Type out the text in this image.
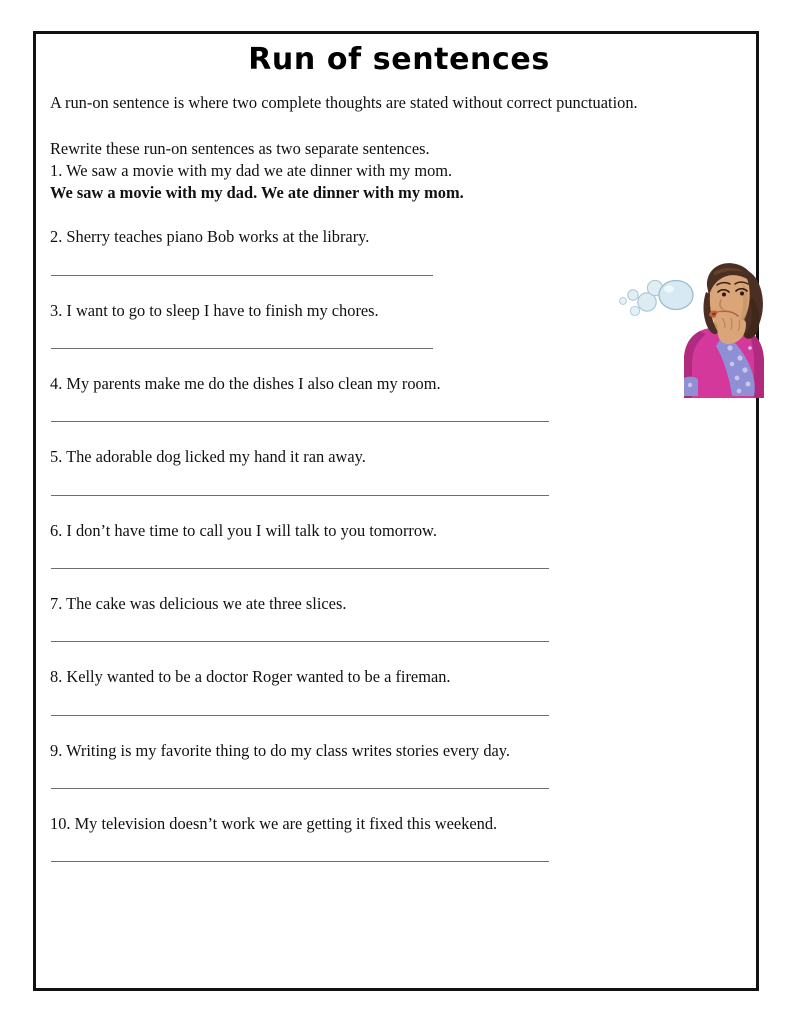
Run of sentences
A run-on sentence is where two complete thoughts are stated without correct punctuation.
Rewrite these run-on sentences as two separate sentences.
1. We saw a movie with my dad we ate dinner with my mom.
We saw a movie with my dad. We ate dinner with my mom.
2. Sherry teaches piano Bob works at the library.
3. I want to go to sleep I have to finish my chores.
4. My parents make me do the dishes I also clean my room.
5. The adorable dog licked my hand it ran away.
6. I don’t have time to call you I will talk to you tomorrow.
7. The cake was delicious we ate three slices.
8. Kelly wanted to be a doctor Roger wanted to be a fireman.
9. Writing is my favorite thing to do my class writes stories every day.
10. My television doesn’t work we are getting it fixed this weekend.
